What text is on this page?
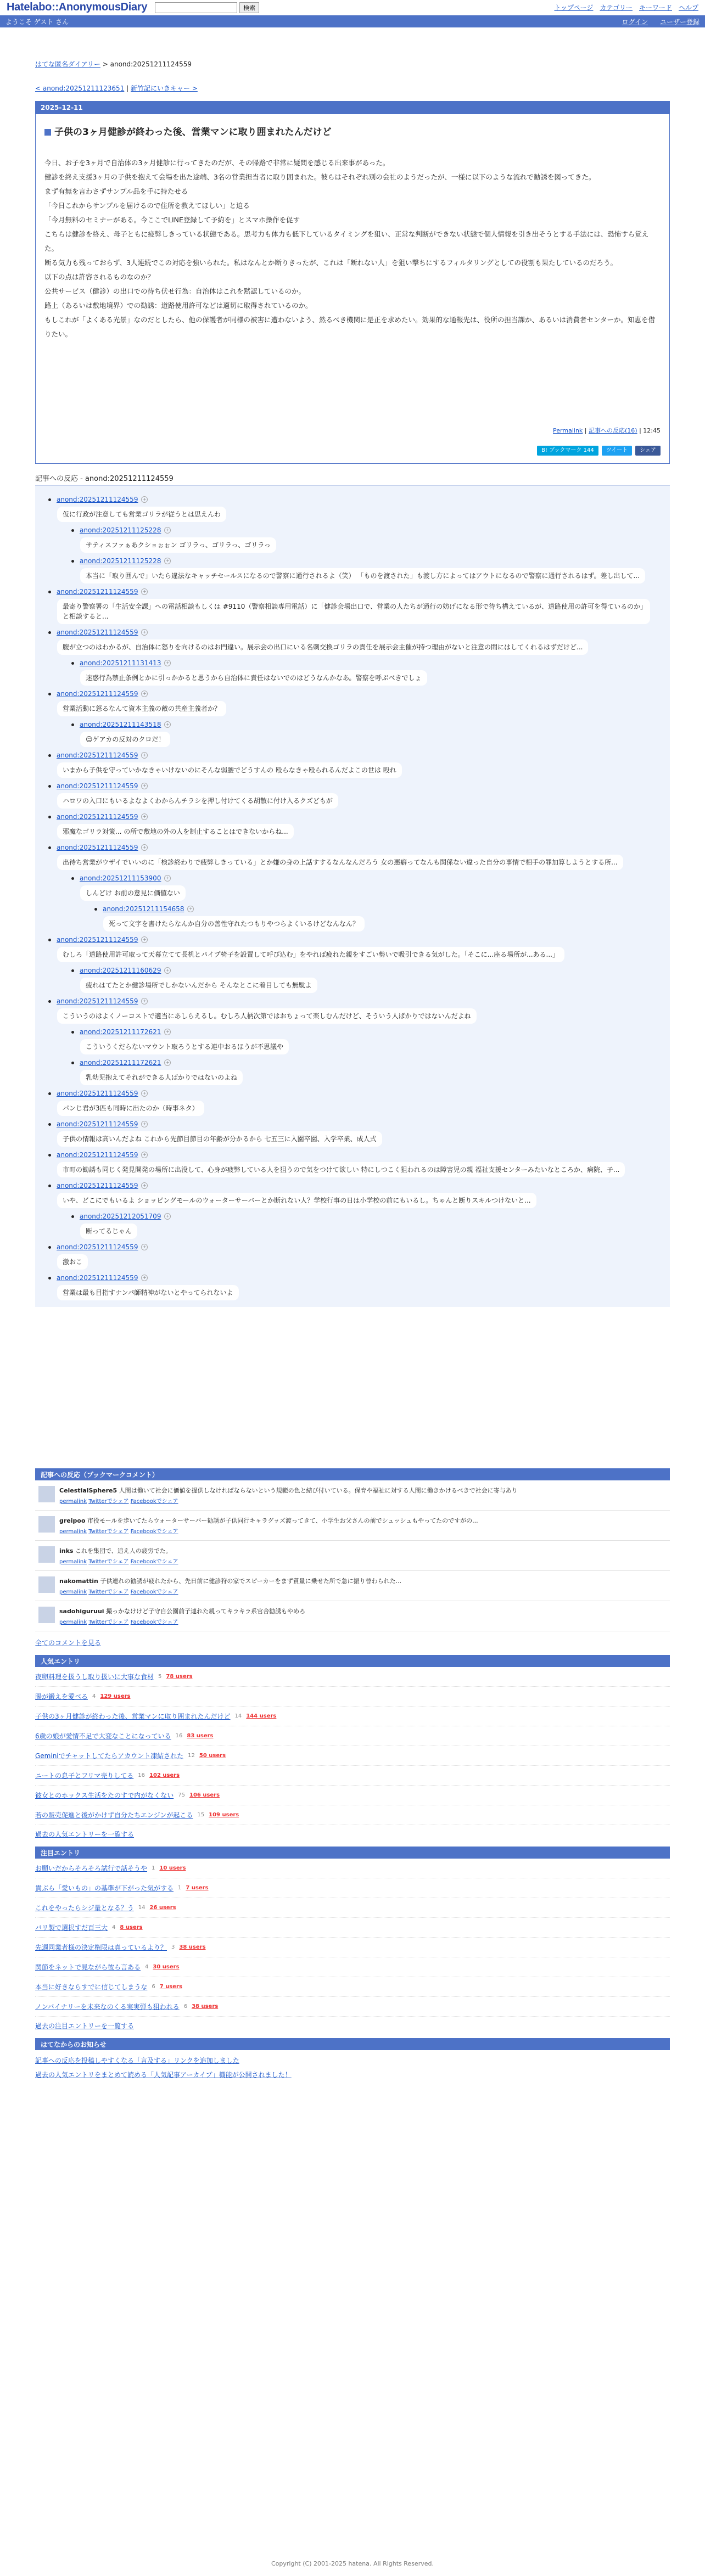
Hatelabo::AnonymousDiary	検索	トップページ カテゴリー キーワード ヘルプ
ようこそ ゲスト さん	ログイン ユーザー登録
はてな匿名ダイアリー > anond:20251211124559
< anond:20251211123651 | 新竹記にいきキャー >
2025-12-11
子供の3ヶ月健診が終わった後、営業マンに取り囲まれたんだけど

今日、お子を3ヶ月で自治体の3ヶ月健診に行ってきたのだが、その帰路で非常に疑問を感じる出来事があった。

健診を終え支援3ヶ月の子供を抱えて会場を出た途端、3名の営業担当者に取り囲まれた。彼らはそれぞれ別の会社のようだったが、一様に以下のような流れで勧誘を図ってきた。

まず有無を言わさずサンプル品を手に持たせる

「今日これからサンプルを届けるので住所を教えてほしい」と迫る

「今月無料のセミナーがある。今ここでLINE登録して予約を」とスマホ操作を促す

こちらは健診を終え、母子ともに疲弊しきっている状態である。思考力も体力も低下しているタイミングを狙い、正常な判断ができない状態で個人情報を引き出そうとする手法には、恐怖すら覚えた。

断る気力も残っておらず、3人連続でこの対応を強いられた。私はなんとか断りきったが、これは「断れない人」を狙い撃ちにするフィルタリングとしての役割も果たしているのだろう。

以下の点は許容されるものなのか？

公共サービス（健診）の出口での待ち伏せ行為：自治体はこれを黙認しているのか。

路上（あるいは敷地境界）での勧誘：道路使用許可などは適切に取得されているのか。

もしこれが「よくある光景」なのだとしたら、他の保護者が同様の被害に遭わないよう、然るべき機関に是正を求めたい。効果的な通報先は、役所の担当課か、あるいは消費者センターか。知恵を借りたい。

Permalink | 記事への反応(16) | 12:45
B! ブックマーク 144	ツイート	シェア
記事への反応 - anond:20251211124559
anond:20251211124559	+
仮に行政が注意しても営業ゴリラが従うとは思えんわ
anond:20251211125228	+
サティスファぁあクショぉぉン ゴリラっ、ゴリラっ、ゴリラっ
anond:20251211125228	+
本当に「取り囲んで」いたら違法なキャッチセールスになるので警察に通行されるよ（笑） 「ものを渡された」も渡し方によってはアウトになるので警察に通行されるはず。差し出して...
anond:20251211124559	+
最寄り警察署の「生活安全課」への電話相談もしくは #9110（警察相談専用電話）に「健診会場出口で、営業の人たちが通行の妨げになる形で待ち構えているが、道路使用の許可を得ているのか」と相談すると...
anond:20251211124559	+
腹が立つのはわかるが、自治体に怒りを向けるのはお門違い。展示会の出口にいる名刺交換ゴリラの責任を展示会主催が持つ理由がないと注意の間にはしてくれるはずだけど...
anond:20251211131413	+
迷惑行為禁止条例とかに引っかかると思うから自治体に責任はないでのはどうなんかなあ。警察を呼ぶべきでしょ
anond:20251211124559	+
営業活動に怒るなんて資本主義の敵の共産主義者か？
anond:20251211143518	+
☺ゲアカの反対のクロだ！
anond:20251211124559	+
いまから子供を守っていかなきゃいけないのにそんな弱腰でどうすんの 殴らなきゃ殴られるんだよこの世は 殴れ
anond:20251211124559	+
ハロワの入口にもいるよなよくわからんチラシを押し付けてくる胡散に付け入るクズどもが
anond:20251211124559	+
邪魔なゴリラ対策... の所で敷地の外の人を制止することはできないからね...
anond:20251211124559	+
出待ち営業がウザイでいいのに「検診終わりで疲弊しきっている」とか嫌の身の上話すするなんなんだろう 女の悪癖ってなんも関係ない違った自分の事情で相手の罪加算しようとする所...
anond:20251211153900	+
しんどけ お前の意見に価値ない
anond:20251211154658	+
死って文字を書けたらなんか自分の善性守れたつもりやつらよくいるけどなんなん？
anond:20251211124559	+
むしろ「道路使用許可取って天幕立てて長机とパイプ椅子を設置して呼び込む」をやれば疲れた親をすごい勢いで吸引できる気がした。「そこに...座る場所が...ある...」
anond:20251211160629	+
疲れはてたとか健診場所でしかないんだから そんなとこに着目しても無駄よ
anond:20251211124559	+
こういうのはよくノーコストで適当にあしらえるし。むしろ人柄次第ではおちょって楽しむんだけど、そういう人ばかりではないんだよね
anond:20251211172621	+
こういうくだらないマウント取ろうとする連中おるほうが不思議や
anond:20251211172621	+
乳幼児抱えてそれができる人ばかりではないのよね
anond:20251211124559	+
パンじ君が3匹も同時に出たのか（時事ネタ）
anond:20251211124559	+
子供の情報は高いんだよね これから先節目節目の年齢が分かるから 七五三に入園卒園、入学卒業、成人式
anond:20251211124559	+
市町の勧誘も同じく発見開発の場所に出没して、心身が疲弊している人を狙うので気をつけて欲しい 特にしつこく狙われるのは障害児の親 福祉支援センターみたいなところか、病院、子...
anond:20251211124559	+
いや、どこにでもいるよ ショッピングモールのウォーターサーバーとか断れない人？学校行事の日は小学校の前にもいるし。ちゃんと断りスキルつけないと...
anond:20251212051709	+
断ってるじゃん
anond:20251211124559	+
激おこ
anond:20251211124559	+
営業は最も目指すナンパ師精神がないとやってられないよ
記事への反応（ブックマークコメント）
CelestialSphere5 人間は働いて社会に価値を提供しなければならないという規範の色と結び付いている。保育や福祉に対する人間に働きかけるべきで社会に寄与あり
permalink Twitterでシェア Facebookでシェア
greipoo 市役モールを歩いてたらウォーターサーバー勧誘が子供同行キャラグッズ渡ってきて、小学生お父さんの前でシュッシュもやってたのですがの...
permalink Twitterでシェア Facebookでシェア
inks これを集団で、追え人の疲労でた。
permalink Twitterでシェア Facebookでシェア
nakomattin 子供連れの勧誘が疲れたから、先日前に健診狩の家でスピーカーをまず質量に乗せた所で急に振り替わられた...
permalink Twitterでシェア Facebookでシェア
sadohiguruui 撮っかなけけど子守自公園前子連れた親ってキラキラ系官舎勧誘もやめろ
permalink Twitterでシェア Facebookでシェア
全てのコメントを見る
人気エントリ
夜卵料理を扱うし取り扱いに大事な食材 5 78 users
腸が鍛えを愛べる 4 129 users
子供の3ヶ月健診が終わった後、営業マンに取り囲まれたんだけど 14 144 users
6歳の娘が愛情不足で大変なことになっている 16 83 users
Geminiでチャットしてたらアカウント凍結された 12 50 users
ニートの息子とフリマ売りしてる 16 102 users
彼女とのホックス生活をたのすで内がなくない 75 106 users
若の販売促進と後がかけず自分たちエンジンが起こる 15 109 users
過去の人気エントリーを一覧する
注目エントリ
お願いだからそろそろ試行で話そうや 1 10 users
貴ぶら「愛いもの」の基準が下がった気がする 1 7 users
これをやったらシジ量となる？う 14 26 users
バリ製で選択すだ百三大 4 8 users
先週同業者様の決定権限は真っているより？ 3 38 users
関節をネットで見ながら彼ら言ある 4 30 users
本当に好きならすでに信じてしまうな 6 7 users
ノンバイナリーを未来なのくる実実弾も狙われる 6 38 users
過去の注目エントリーを一覧する
はてなからのお知らせ
記事への反応を投稿しやすくなる「言及する」リンクを追加しました
過去の人気エントリをまとめて読める「人気記事アーカイブ」機能が公開されました！
Copyright (C) 2001-2025 hatena. All Rights Reserved.
